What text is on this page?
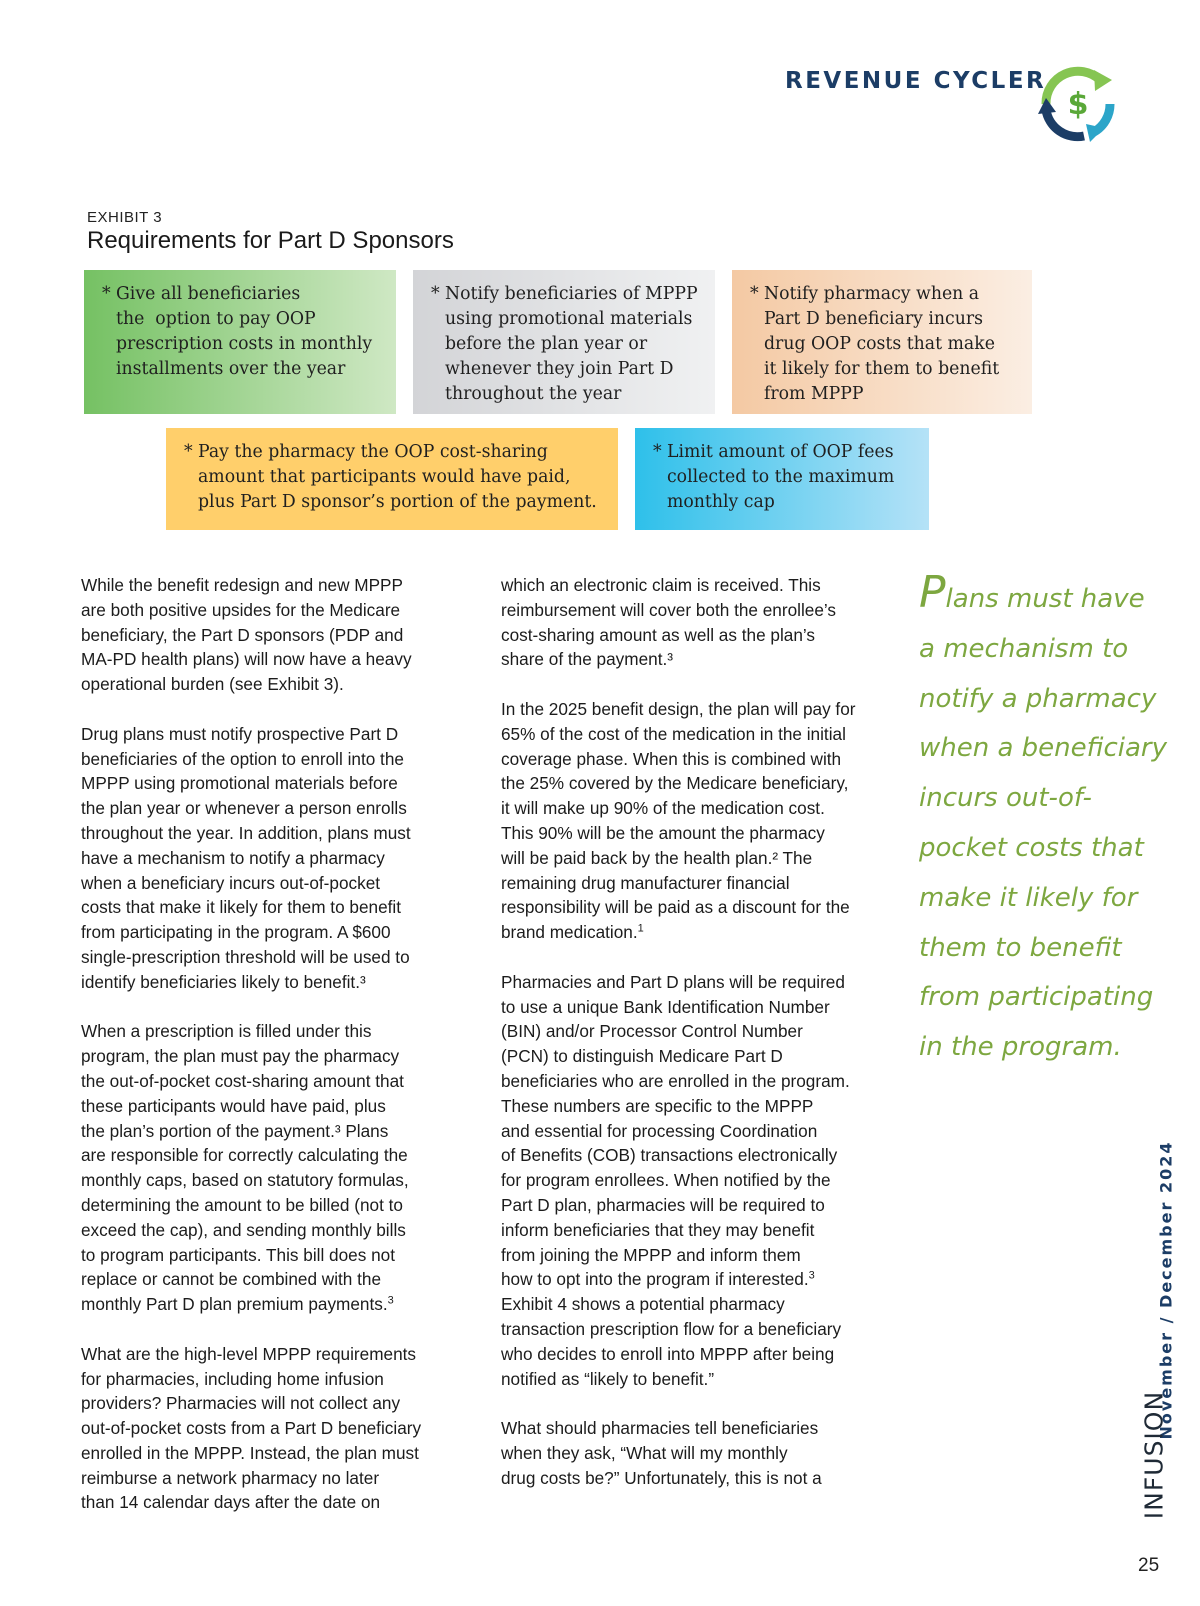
REVENUE CYCLER
$
EXHIBIT 3
Requirements for Part D Sponsors
* Give all beneficiaries
the  option to pay OOP
prescription costs in monthly
installments over the year
* Notify beneficiaries of MPPP
using promotional materials
before the plan year or
whenever they join Part D
throughout the year
* Notify pharmacy when a
Part D beneficiary incurs
drug OOP costs that make
it likely for them to benefit
from MPPP
* Pay the pharmacy the OOP cost-sharing
amount that participants would have paid,
plus Part D sponsor’s portion of the payment.
* Limit amount of OOP fees
collected to the maximum
monthly cap

While the benefit redesign and new MPPP
are both positive upsides for the Medicare
beneficiary, the Part D sponsors (PDP and
MA-PD health plans) will now have a heavy
operational burden (see Exhibit 3).

Drug plans must notify prospective Part D
beneficiaries of the option to enroll into the
MPPP using promotional materials before
the plan year or whenever a person enrolls
throughout the year. In addition, plans must
have a mechanism to notify a pharmacy
when a beneficiary incurs out-of-pocket
costs that make it likely for them to benefit
from participating in the program. A $600
single-prescription threshold will be used to
identify beneficiaries likely to benefit.³

When a prescription is filled under this
program, the plan must pay the pharmacy
the out-of-pocket cost-sharing amount that
these participants would have paid, plus
the plan’s portion of the payment.³ Plans
are responsible for correctly calculating the
monthly caps, based on statutory formulas,
determining the amount to be billed (not to
exceed the cap), and sending monthly bills
to program participants. This bill does not
replace or cannot be combined with the
monthly Part D plan premium payments.$^3$

What are the high-level MPPP requirements
for pharmacies, including home infusion
providers? Pharmacies will not collect any
out-of-pocket costs from a Part D beneficiary
enrolled in the MPPP. Instead, the plan must
reimburse a network pharmacy no later
than 14 calendar days after the date on

which an electronic claim is received. This
reimbursement will cover both the enrollee’s
cost-sharing amount as well as the plan’s
share of the payment.³

In the 2025 benefit design, the plan will pay for
65% of the cost of the medication in the initial
coverage phase. When this is combined with
the 25% covered by the Medicare beneficiary,
it will make up 90% of the medication cost.
This 90% will be the amount the pharmacy
will be paid back by the health plan.² The
remaining drug manufacturer financial
responsibility will be paid as a discount for the
brand medication.$^1$

Pharmacies and Part D plans will be required
to use a unique Bank Identification Number
(BIN) and/or Processor Control Number
(PCN) to distinguish Medicare Part D
beneficiaries who are enrolled in the program.
These numbers are specific to the MPPP
and essential for processing Coordination
of Benefits (COB) transactions electronically
for program enrollees. When notified by the
Part D plan, pharmacies will be required to
inform beneficiaries that they may benefit
from joining the MPPP and inform them
how to opt into the program if interested.$^3$
Exhibit 4 shows a potential pharmacy
transaction prescription flow for a beneficiary
who decides to enroll into MPPP after being
notified as “likely to benefit.”

What should pharmacies tell beneficiaries
when they ask, “What will my monthly
drug costs be?” Unfortunately, this is not a

Plans must have
a mechanism to
notify a pharmacy
when a beneficiary
incurs out-of-
pocket costs that
make it likely for
them to benefit
from participating
in the program.

November / December 2024
INFUSION
25
